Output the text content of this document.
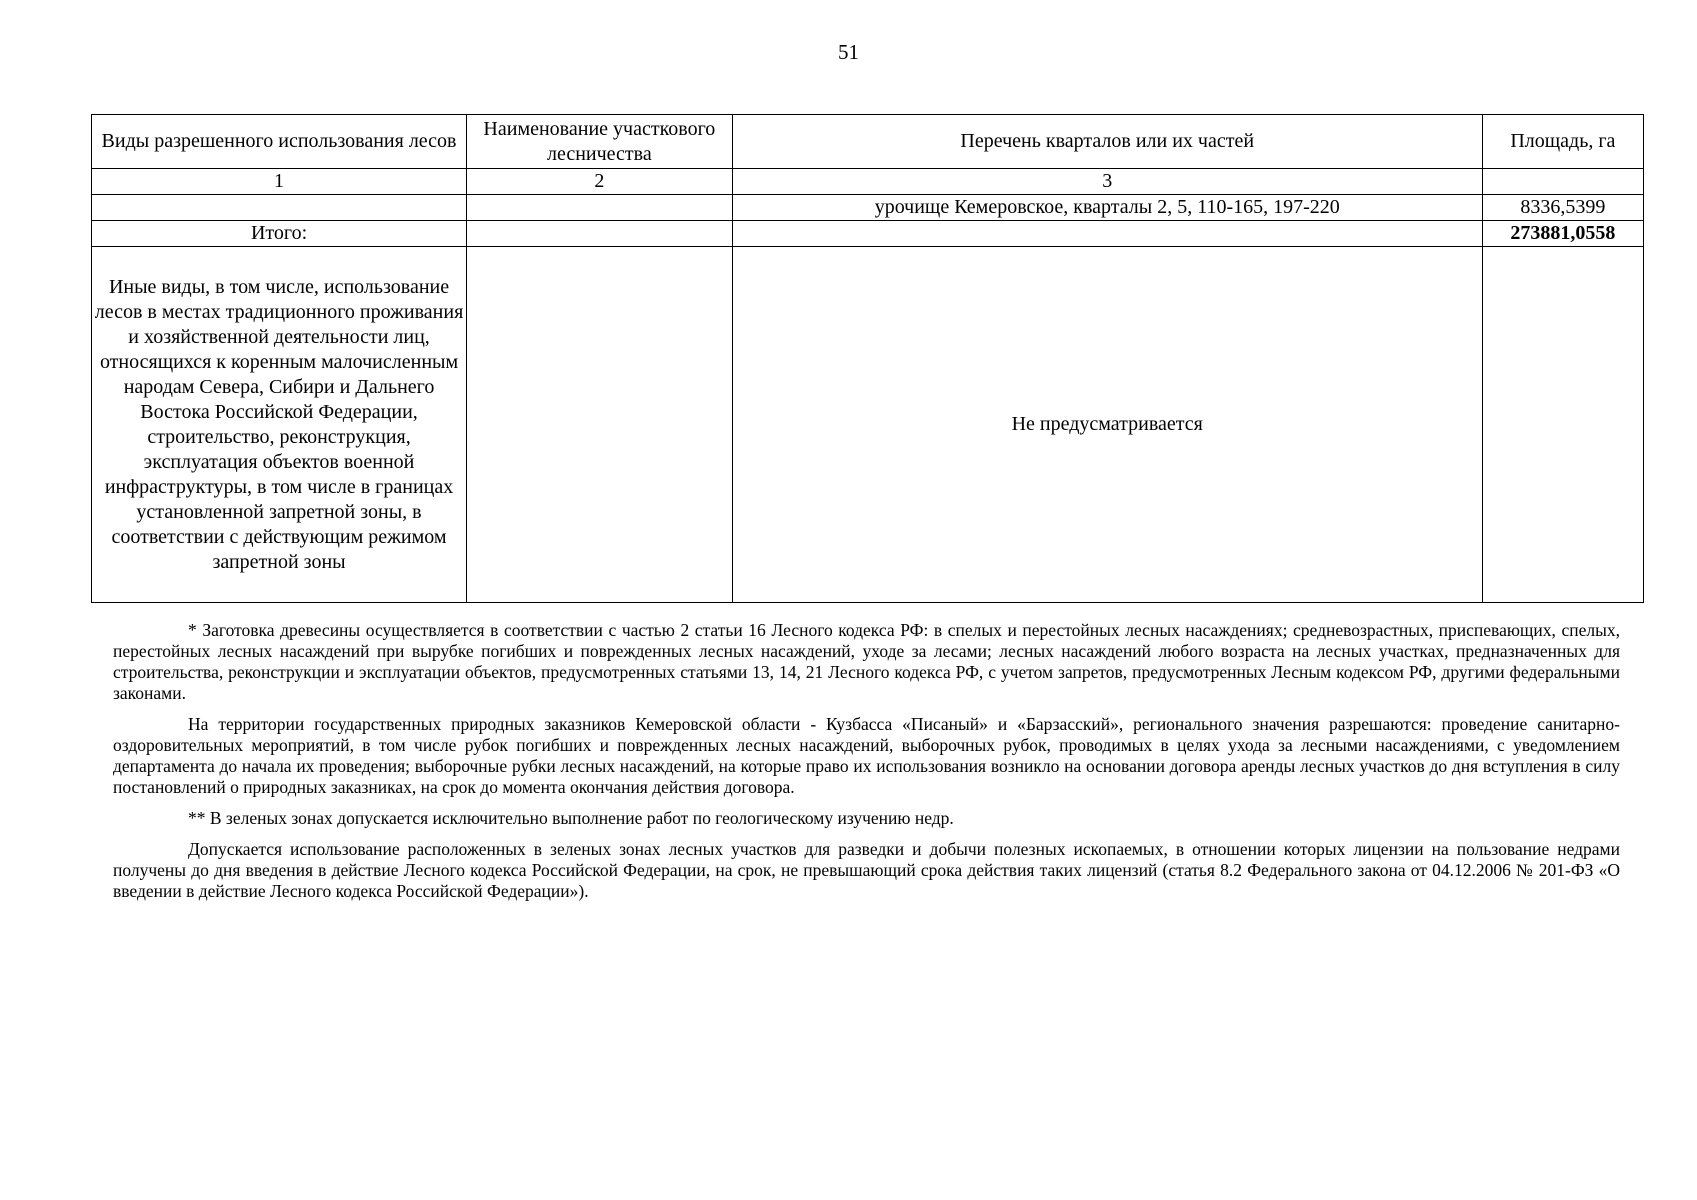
51
Виды разрешенного использования лесов	Наименование участкового лесничества	Перечень кварталов или их частей	Площадь, га
1	2	3	
		урочище Кемеровское, кварталы 2, 5, 110-165, 197-220	8336,5399
Итого:			273881,0558
Иные виды, в том числе, использование лесов в местах традиционного проживания и хозяйственной деятельности лиц, относящихся к коренным малочисленным народам Севера, Сибири и Дальнего Востока Российской Федерации, строительство, реконструкция, эксплуатация объектов военной инфраструктуры, в том числе в границах установленной запретной зоны, в соответствии с действующим режимом запретной зоны		Не предусматривается	

* Заготовка древесины осуществляется в соответствии с частью 2 статьи 16 Лесного кодекса РФ: в спелых и перестойных лесных насаждениях; средневозрастных, приспевающих, спелых, перестойных лесных насаждений при вырубке погибших и поврежденных лесных насаждений, уходе за лесами; лесных насаждений любого возраста на лесных участках, предназначенных для строительства, реконструкции и эксплуатации объектов, предусмотренных статьями 13, 14, 21 Лесного кодекса РФ, с учетом запретов, предусмотренных Лесным кодексом РФ, другими федеральными законами.

На территории государственных природных заказников Кемеровской области - Кузбасса «Писаный» и «Барзасский», регионального значения разрешаются: проведение санитарно-оздоровительных мероприятий, в том числе рубок погибших и поврежденных лесных насаждений, выборочных рубок, проводимых в целях ухода за лесными насаждениями, с уведомлением департамента до начала их проведения; выборочные рубки лесных насаждений, на которые право их использования возникло на основании договора аренды лесных участков до дня вступления в силу постановлений о природных заказниках, на срок до момента окончания действия договора.

** В зеленых зонах допускается исключительно выполнение работ по геологическому изучению недр.

Допускается использование расположенных в зеленых зонах лесных участков для разведки и добычи полезных ископаемых, в отношении которых лицензии на пользование недрами получены до дня введения в действие Лесного кодекса Российской Федерации, на срок, не превышающий срока действия таких лицензий (статья 8.2 Федерального закона от 04.12.2006 № 201-ФЗ «О введении в действие Лесного кодекса Российской Федерации»).
